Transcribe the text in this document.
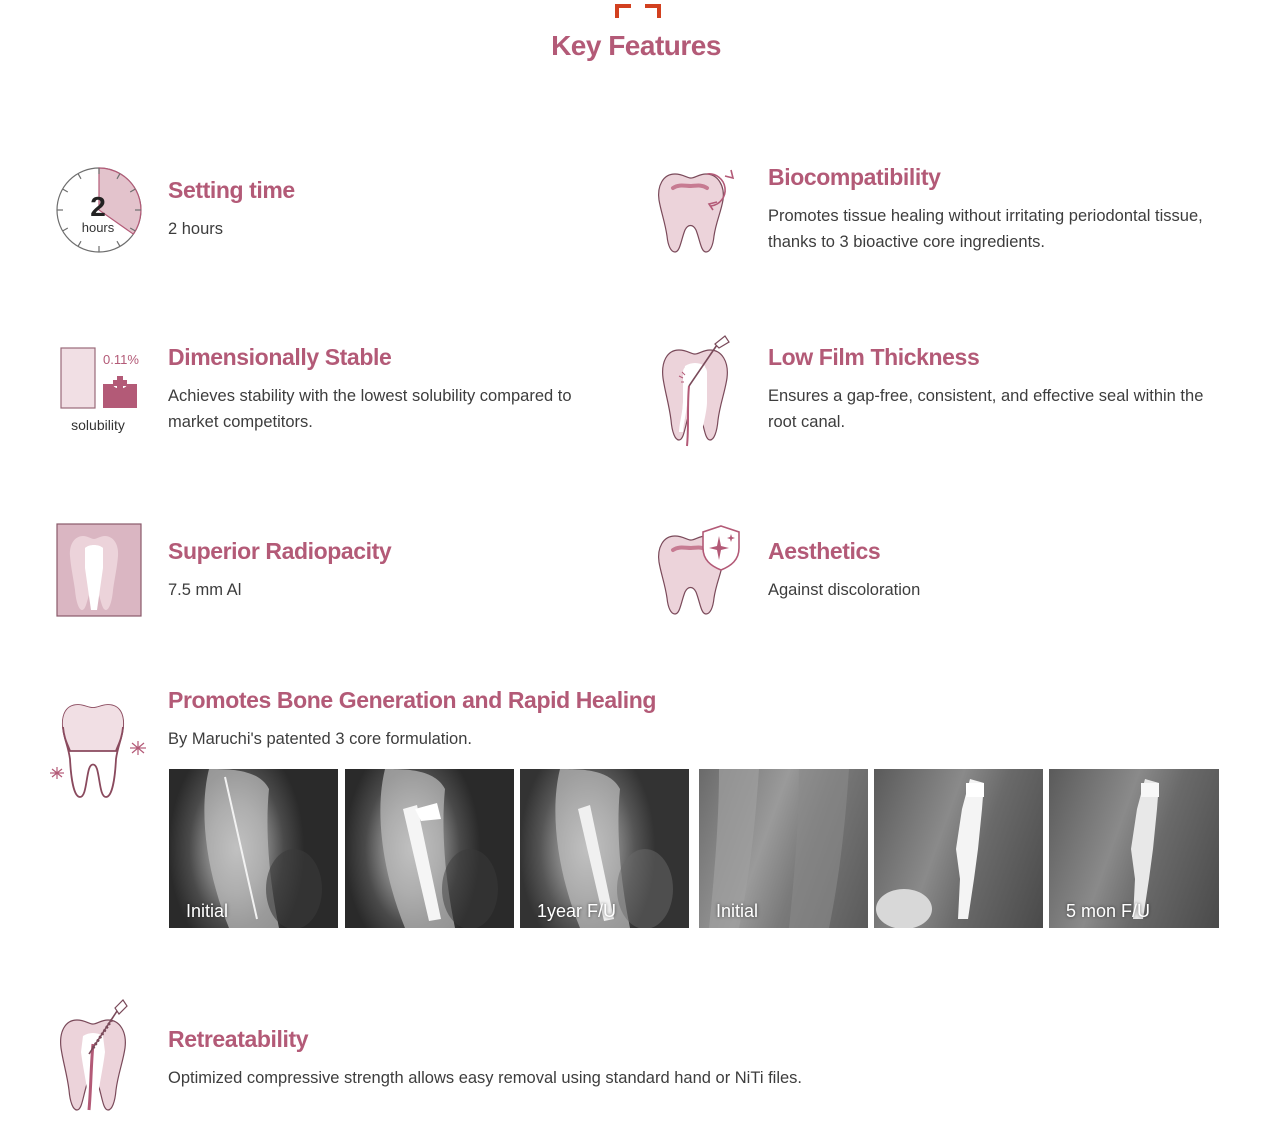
Key Features
2
hours
Setting time

2 hours

Biocompatibility

Promotes tissue healing without irritating periodontal tissue, thanks to 3 bioactive core ingredients.

0.11%
solubility
Dimensionally Stable

Achieves stability with the lowest solubility compared to market competitors.

Low Film Thickness

Ensures a gap-free, consistent, and effective seal within the root canal.

Superior Radiopacity

7.5 mm Al

Aesthetics

Against discoloration

Promotes Bone Generation and Rapid Healing

By Maruchi's patented 3 core formulation.

Initial	1year F/U	Initial	5 mon F/U
Retreatability

Optimized compressive strength allows easy removal using standard hand or NiTi files.
